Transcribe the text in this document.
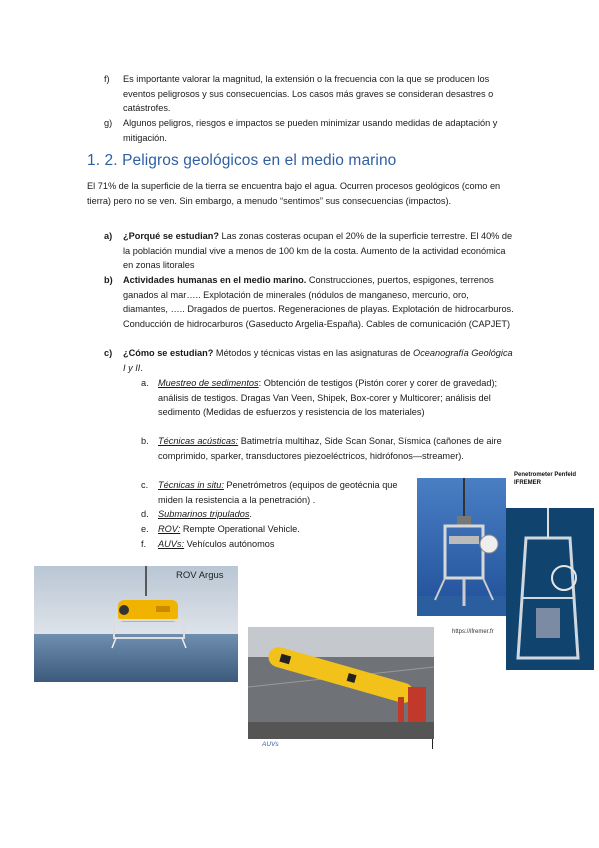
f) Es importante valorar la magnitud, la extensión o la frecuencia con la que se producen los eventos peligrosos y sus consecuencias. Los casos más graves se consideran desastres o catástrofes.
g) Algunos peligros, riesgos e impactos se pueden minimizar usando medidas de adaptación y mitigación.
1. 2. Peligros geológicos en el medio marino
El 71% de la superficie de la tierra se encuentra bajo el agua. Ocurren procesos geológicos (como en tierra) pero no se ven. Sin embargo, a menudo “sentimos” sus consecuencias (impactos).
a) ¿Porqué se estudian? Las zonas costeras ocupan el 20% de la superficie terrestre. El 40% de la población mundial vive a menos de 100 km de la costa. Aumento de la actividad económica en zonas litorales
b) Actividades humanas en el medio marino. Construcciones, puertos, espigones, terrenos ganados al mar….. Explotación de minerales (nódulos de manganeso, mercurio, oro, diamantes, ….. Dragados de puertos. Regeneraciones de playas. Explotación de hidrocarburos. Conducción de hidrocarburos (Gaseducto Argelia-España). Cables de comunicación (CAPJET)
c) ¿Cómo se estudian? Métodos y técnicas vistas en las asignaturas de Oceanografía Geológica I y II.
a. Muestreo de sedimentos: Obtención de testigos (Pistón corer y corer de gravedad); análisis de testigos. Dragas Van Veen, Shipek, Box-corer y Multicorer; análisis del sedimento (Medidas de esfuerzos y resistencia de los materiales)
b. Técnicas acústicas: Batimetría multihaz, Side Scan Sonar, Sísmica (cañones de aire comprimido, sparker, transductores piezoeléctricos, hidrófonos—streamer).
c. Técnicas in situ: Penetrómetros (equipos de geotécnia que miden la resistencia a la penetración) .
d. Submarinos tripulados.
e. ROV: Rempte Operational Vehicle.
f. AUVs: Vehículos autónomos
Penetrometer Penfeld
IFREMER
https://ifremer.fr
ROV Argus
AUVs
